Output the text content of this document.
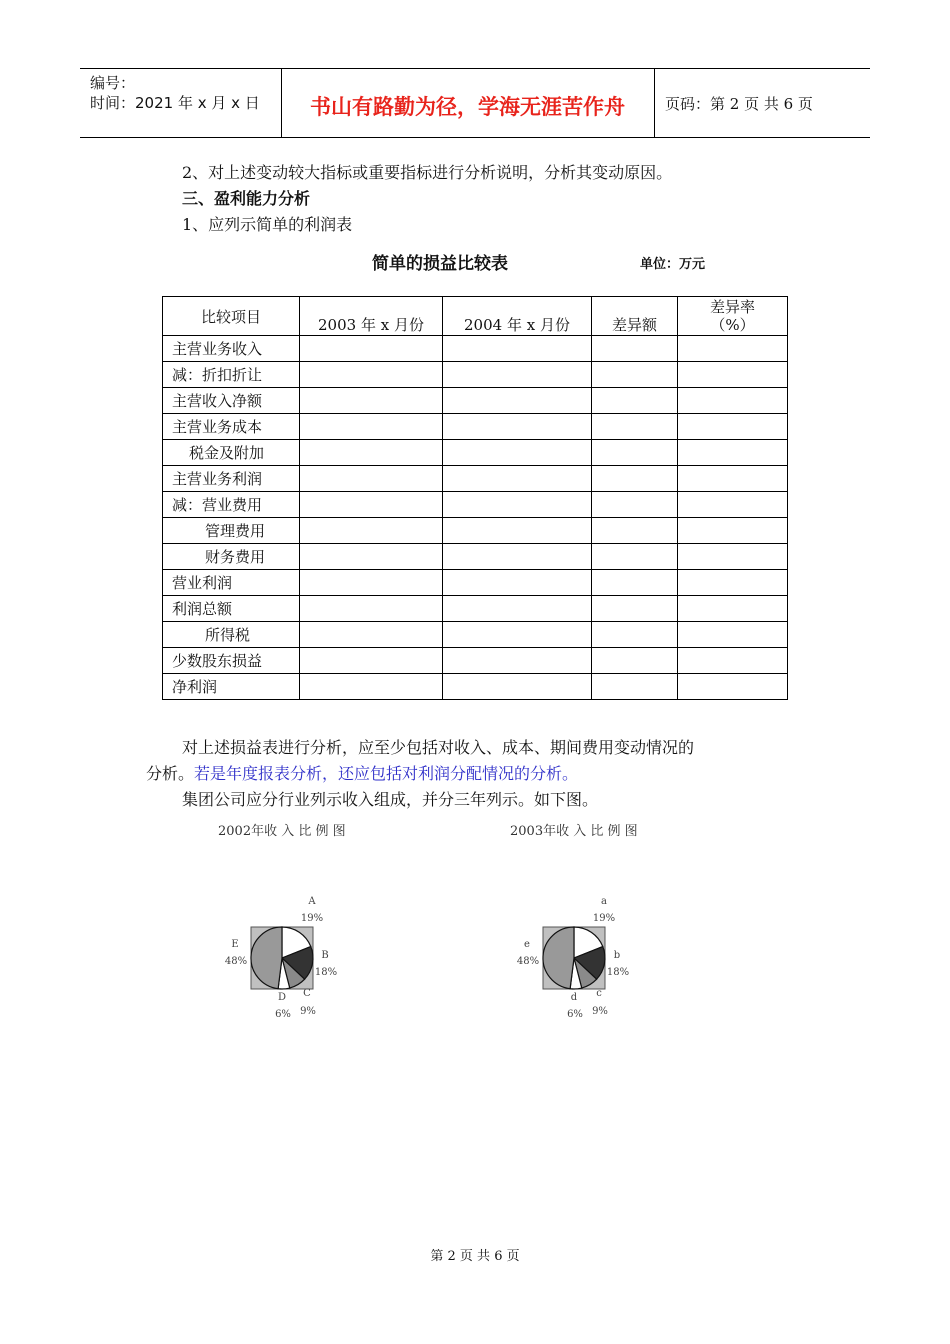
编号：
时间：2021 年 x 月 x 日	书山有路勤为径，学海无涯苦作舟	页码：第 2 页 共 6 页
2、对上述变动较大指标或重要指标进行分析说明，分析其变动原因。
三、盈利能力分析
1、应列示简单的利润表
简单的损益比较表	单位：万元
比较项目	2003 年 x 月份	2004 年 x 月份	差异额	差异率
（%）

主营业务收入				
减：折扣折让				
主营收入净额				
主营业务成本				
税金及附加				
主营业务利润				
减：营业费用				
管理费用				
财务费用				
营业利润				
利润总额				
所得税				
少数股东损益				
净利润				
对上述损益表进行分析，应至少包括对收入、成本、期间费用变动情况的
分析。若是年度报表分析，还应包括对利润分配情况的分析。
集团公司应分行业列示收入组成，并分三年列示。如下图。
2002年收 入 比 例 图
A
19%
B
18%
C
9%
D
6%
E
48%
2003年收 入 比 例 图
a
19%
b
18%
c
9%
d
6%
e
48%
第 2 页 共 6 页
